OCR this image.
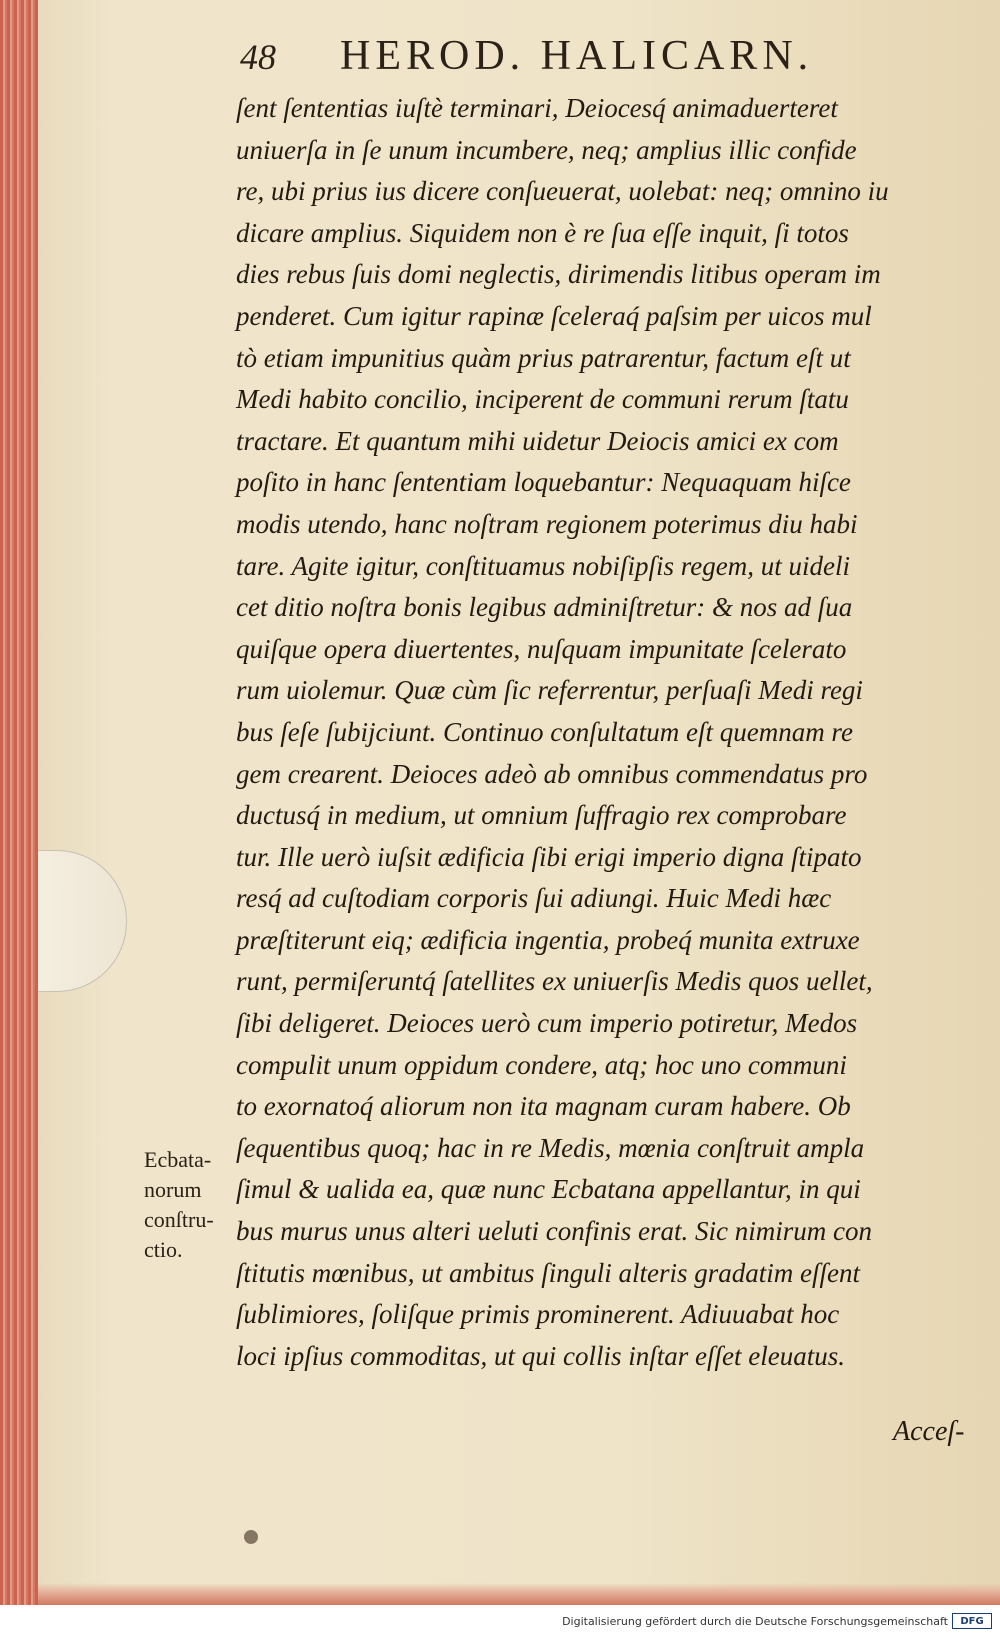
48 HEROD. HALICARN.
ſent ſententias iuſtè terminari, Deiocesq́ animaduerteret
uniuerſa in ſe unum incumbere, neq; amplius illic confide
re, ubi prius ius dicere conſueuerat, uolebat: neq; omnino iu
dicare amplius. Siquidem non è re ſua eſſe inquit, ſi totos
dies rebus ſuis domi neglectis, dirimendis litibus operam im
penderet. Cum igitur rapinæ ſceleraq́ paſsim per uicos mul
tò etiam impunitius quàm prius patrarentur, factum eſt ut
Medi habito concilio, inciperent de communi rerum ſtatu
tractare. Et quantum mihi uidetur Deiocis amici ex com
poſito in hanc ſententiam loquebantur: Nequaquam hiſce
modis utendo, hanc noſtram regionem poterimus diu habi
tare. Agite igitur, conſtituamus nobiſipſis regem, ut uideli
cet ditio noſtra bonis legibus adminiſtretur: & nos ad ſua
quiſque opera diuertentes, nuſquam impunitate ſcelerato
rum uiolemur. Quæ cùm ſic referrentur, perſuaſi Medi regi
bus ſeſe ſubijciunt. Continuo conſultatum eſt quemnam re
gem crearent. Deioces adeò ab omnibus commendatus pro
ductusq́ in medium, ut omnium ſuffragio rex comprobare
tur. Ille uerò iuſsit ædificia ſibi erigi imperio digna ſtipato
resq́ ad cuſtodiam corporis ſui adiungi. Huic Medi hæc
præſtiterunt eiq; ædificia ingentia, probeq́ munita extruxe
runt, permiſeruntq́ ſatellites ex uniuerſis Medis quos uellet,
ſibi deligeret. Deioces uerò cum imperio potiretur, Medos
compulit unum oppidum condere, atq; hoc uno communi
to exornatoq́ aliorum non ita magnam curam habere. Ob
ſequentibus quoq; hac in re Medis, mœnia conſtruit ampla
ſimul & ualida ea, quæ nunc Ecbatana appellantur, in qui
bus murus unus alteri ueluti confinis erat. Sic nimirum con
ſtitutis mœnibus, ut ambitus ſinguli alteris gradatim eſſent
ſublimiores, ſoliſque primis prominerent. Adiuuabat hoc
loci ipſius commoditas, ut qui collis inſtar eſſet eleuatus.
Acceſ-
Ecbata-
norum
conſtru-
ctio.
Digitalisierung gefördert durch die Deutsche Forschungsgemeinschaft	DFG
